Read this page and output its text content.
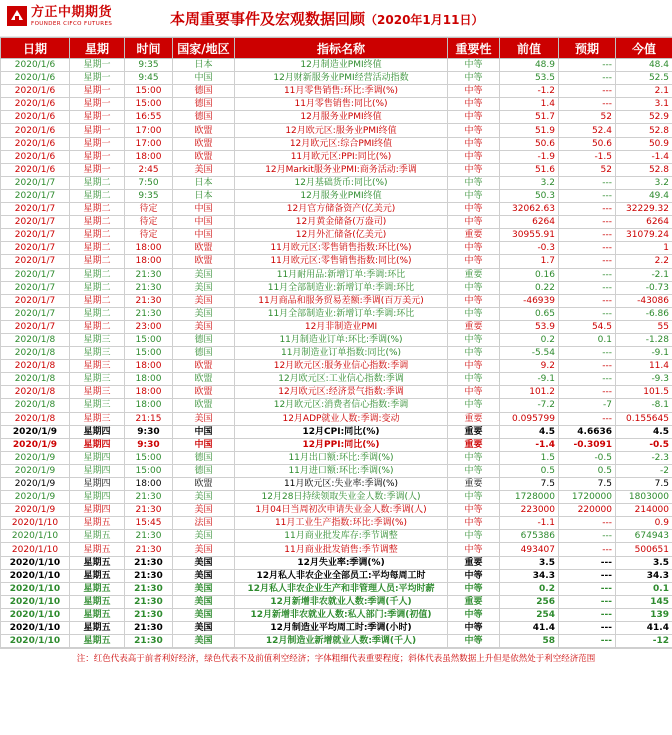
方正中期期货
FOUNDER CIFCO FUTURES	本周重要事件及宏观数据回顾（2020年1月11日）
日期	星期	时间	国家/地区	指标名称	重要性	前值	预期	今值
2020/1/6	星期一	9:35	日本	12月制造业PMI终值	中等	48.9	---	48.4
2020/1/6	星期一	9:45	中国	12月财新服务业PMI经营活动指数	中等	53.5	---	52.5
2020/1/6	星期一	15:00	德国	11月零售销售:环比:季调(%)	中等	-1.2	---	2.1
2020/1/6	星期一	15:00	德国	11月零售销售:同比(%)	中等	1.4	---	3.1
2020/1/6	星期一	16:55	德国	12月服务业PMI终值	中等	51.7	52	52.9
2020/1/6	星期一	17:00	欧盟	12月欧元区:服务业PMI终值	中等	51.9	52.4	52.8
2020/1/6	星期一	17:00	欧盟	12月欧元区:综合PMI终值	中等	50.6	50.6	50.9
2020/1/6	星期一	18:00	欧盟	11月欧元区:PPI:同比(%)	中等	-1.9	-1.5	-1.4
2020/1/6	星期一	2:45	美国	12月Markit服务业PMI:商务活动:季调	中等	51.6	52	52.8
2020/1/7	星期二	7:50	日本	12月基础货币:同比(%)	中等	3.2	---	3.2
2020/1/7	星期二	9:35	日本	12月服务业PMI终值	中等	50.3	---	49.4
2020/1/7	星期二	待定	中国	12月官方储备资产(亿美元)	中等	32062.63	---	32229.32
2020/1/7	星期二	待定	中国	12月黄金储备(万盎司)	中等	6264	---	6264
2020/1/7	星期二	待定	中国	12月外汇储备(亿美元)	重要	30955.91	---	31079.24
2020/1/7	星期二	18:00	欧盟	11月欧元区:零售销售指数:环比(%)	中等	-0.3	---	1
2020/1/7	星期二	18:00	欧盟	11月欧元区:零售销售指数:同比(%)	中等	1.7	---	2.2
2020/1/7	星期二	21:30	美国	11月耐用品:新增订单:季调:环比	重要	0.16	---	-2.1
2020/1/7	星期二	21:30	美国	11月全部制造业:新增订单:季调:环比	中等	0.22	---	-0.73
2020/1/7	星期二	21:30	美国	11月商品和服务贸易差额:季调(百万美元)	中等	-46939	---	-43086
2020/1/7	星期二	21:30	美国	11月全部制造业:新增订单:季调:环比	中等	0.65	---	-6.86
2020/1/7	星期二	23:00	美国	12月非制造业PMI	重要	53.9	54.5	55
2020/1/8	星期三	15:00	德国	11月制造业订单:环比:季调(%)	中等	0.2	0.1	-1.28
2020/1/8	星期三	15:00	德国	11月制造业订单指数:同比(%)	中等	-5.54	---	-9.1
2020/1/8	星期三	18:00	欧盟	12月欧元区:服务业信心指数:季调	中等	9.2	---	11.4
2020/1/8	星期三	18:00	欧盟	12月欧元区:工业信心指数:季调	中等	-9.1	---	-9.3
2020/1/8	星期三	18:00	欧盟	12月欧元区:经济景气指数:季调	中等	101.2	---	101.5
2020/1/8	星期三	18:00	欧盟	12月欧元区:消费者信心指数:季调	中等	-7.2	-7	-8.1
2020/1/8	星期三	21:15	美国	12月ADP就业人数:季调:变动	重要	0.095799	---	0.155645
2020/1/9	星期四	9:30	中国	12月CPI:同比(%)	重要	4.5	4.6636	4.5
2020/1/9	星期四	9:30	中国	12月PPI:同比(%)	重要	-1.4	-0.3091	-0.5
2020/1/9	星期四	15:00	德国	11月出口额:环比:季调(%)	中等	1.5	-0.5	-2.3
2020/1/9	星期四	15:00	德国	11月进口额:环比:季调(%)	中等	0.5	0.5	-2
2020/1/9	星期四	18:00	欧盟	11月欧元区:失业率:季调(%)	重要	7.5	7.5	7.5
2020/1/9	星期四	21:30	美国	12月28日持续领取失业金人数:季调(人)	中等	1728000	1720000	1803000
2020/1/9	星期四	21:30	美国	1月04日当周初次申请失业金人数:季调(人)	中等	223000	220000	214000
2020/1/10	星期五	15:45	法国	11月工业生产指数:环比:季调(%)	中等	-1.1	---	0.9
2020/1/10	星期五	21:30	美国	11月商业批发库存:季节调整	中等	675386	---	674943
2020/1/10	星期五	21:30	美国	11月商业批发销售:季节调整	中等	493407	---	500651
2020/1/10	星期五	21:30	美国	12月失业率:季调(%)	重要	3.5	---	3.5
2020/1/10	星期五	21:30	美国	12月私人非农企业全部员工:平均每周工时	中等	34.3	---	34.3
2020/1/10	星期五	21:30	美国	12月私人非农企业生产和非管理人员:平均时薪	中等	0.2	---	0.1
2020/1/10	星期五	21:30	美国	12月新增非农就业人数:季调(千人)	重要	256	---	145
2020/1/10	星期五	21:30	美国	12月新增非农就业人数:私人部门:季调(初值)	中等	254	---	139
2020/1/10	星期五	21:30	美国	12月制造业平均周工时:季调(小时)	中等	41.4	---	41.4
2020/1/10	星期五	21:30	美国	12月制造业新增就业人数:季调(千人)	中等	58	---	-12
注：红色代表高于前者利好经济，绿色代表不及前值利空经济；字体粗细代表重要程度；斜体代表虽然数据上升但是依然处于利空经济范围
